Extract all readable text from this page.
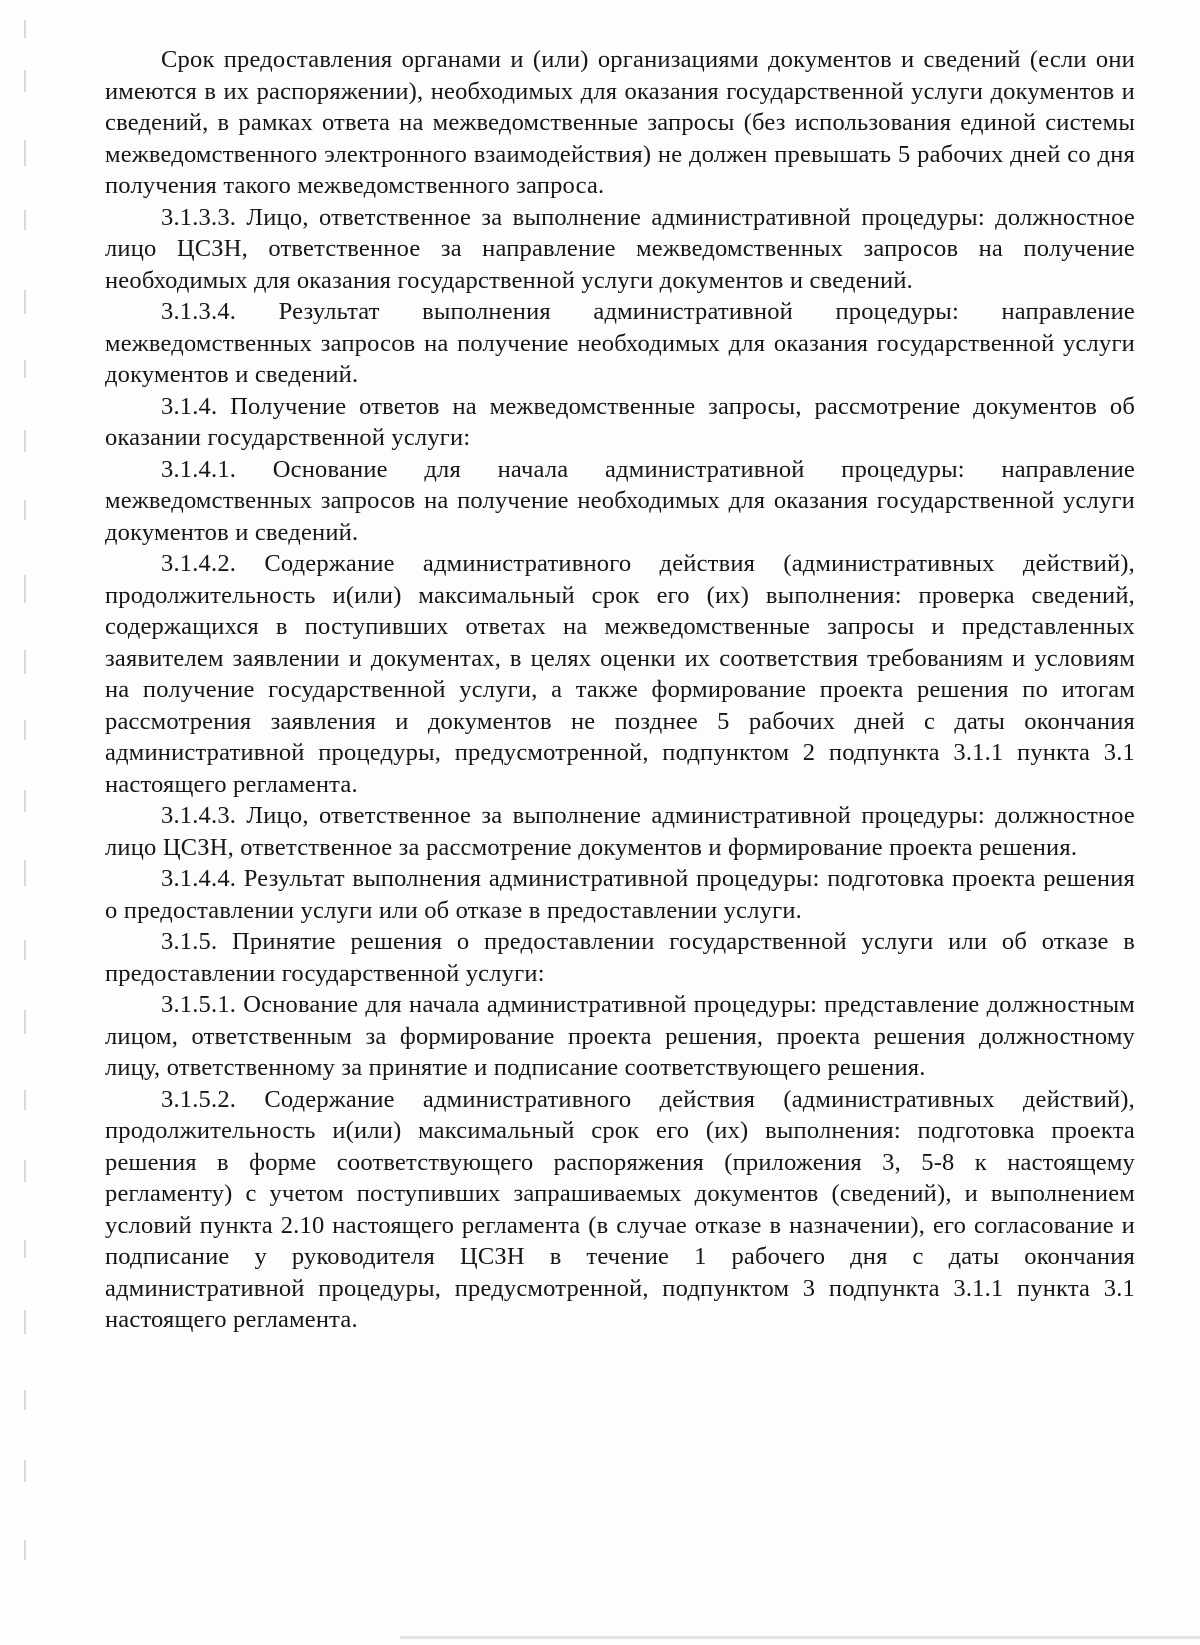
Срок предоставления органами и (или) организациями документов и сведений (если они имеются в их распоряжении), необходимых для оказания государственной услуги документов и сведений, в рамках ответа на межведомственные запросы (без использования единой системы межведомственного электронного взаимодействия) не должен превышать 5 рабочих дней со дня получения такого межведомственного запроса.

3.1.3.3. Лицо, ответственное за выполнение административной процедуры: должностное лицо ЦСЗН, ответственное за направление межведомственных запросов на получение необходимых для оказания государственной услуги документов и сведений.

3.1.3.4. Результат выполнения административной процедуры: направление межведомственных запросов на получение необходимых для оказания государственной услуги документов и сведений.

3.1.4. Получение ответов на межведомственные запросы, рассмотрение документов об оказании государственной услуги:

3.1.4.1. Основание для начала административной процедуры: направление межведомственных запросов на получение необходимых для оказания государственной услуги документов и сведений.

3.1.4.2. Содержание административного действия (административных действий), продолжительность и(или) максимальный срок его (их) выполнения: проверка сведений, содержащихся в поступивших ответах на межведомственные запросы и представленных заявителем заявлении и документах, в целях оценки их соответствия требованиям и условиям на получение государственной услуги, а также формирование проекта решения по итогам рассмотрения заявления и документов не позднее 5 рабочих дней с даты окончания административной процедуры, предусмотренной, подпунктом 2 подпункта 3.1.1 пункта 3.1 настоящего регламента.

3.1.4.3. Лицо, ответственное за выполнение административной процедуры: должностное лицо ЦСЗН, ответственное за рассмотрение документов и формирование проекта решения.

3.1.4.4. Результат выполнения административной процедуры: подготовка проекта решения о предоставлении услуги или об отказе в предоставлении услуги.

3.1.5. Принятие решения о предоставлении государственной услуги или об отказе в предоставлении государственной услуги:

3.1.5.1. Основание для начала административной процедуры: представление должностным лицом, ответственным за формирование проекта решения, проекта решения должностному лицу, ответственному за принятие и подписание соответствующего решения.

3.1.5.2. Содержание административного действия (административных действий), продолжительность и(или) максимальный срок его (их) выполнения: подготовка проекта решения в форме соответствующего распоряжения (приложения 3, 5-8 к настоящему регламенту) с учетом поступивших запрашиваемых документов (сведений), и выполнением условий пункта 2.10 настоящего регламента (в случае отказе в назначении), его согласование и подписание у руководителя ЦСЗН в течение 1 рабочего дня с даты окончания административной процедуры, предусмотренной, подпунктом 3 подпункта 3.1.1 пункта 3.1 настоящего регламента.
